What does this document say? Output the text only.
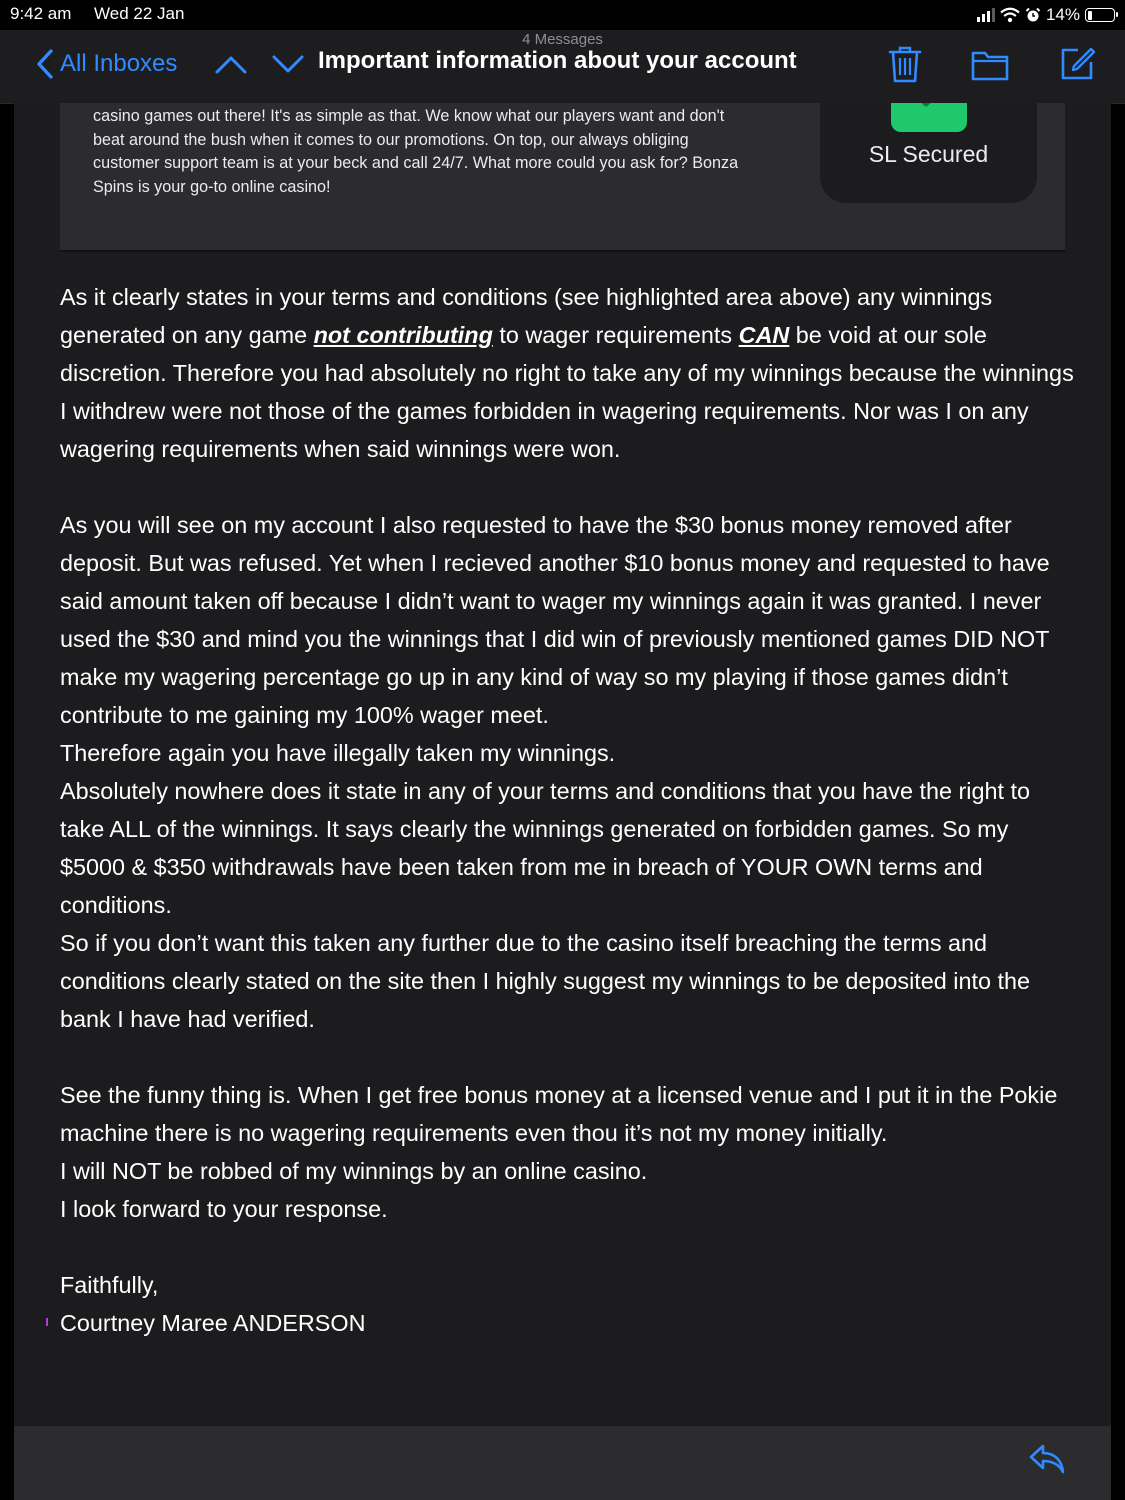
9:42 am Wed 22 Jan	14%
4 Messages
All Inboxes	Important information about your account
casino games out there! It's as simple as that. We know what our players want and don't
beat around the bush when it comes to our promotions. On top, our always obliging
customer support team is at your beck and call 24/7. What more could you ask for? Bonza
Spins is your go-to online casino!
SL Secured

As it clearly states in your terms and conditions (see highlighted area above) any winnings generated on any game not contributing to wager requirements CAN be void at our sole discretion. Therefore you had absolutely no right to take any of my winnings because the winnings I withdrew were not those of the games forbidden in wagering requirements. Nor was I on any wagering requirements when said winnings were won.

As you will see on my account I also requested to have the $30 bonus money removed after deposit. But was refused. Yet when I recieved another $10 bonus money and requested to have said amount taken off because I didn’t want to wager my winnings again it was granted. I never used the $30 and mind you the winnings that I did win of previously mentioned games DID NOT make my wagering percentage go up in any kind of way so my playing if those games didn’t contribute to me gaining my 100% wager meet.

Therefore again you have illegally taken my winnings.

Absolutely nowhere does it state in any of your terms and conditions that you have the right to take ALL of the winnings. It says clearly the winnings generated on forbidden games. So my $5000 & $350 withdrawals have been taken from me in breach of YOUR OWN terms and conditions.

So if you don’t want this taken any further due to the casino itself breaching the terms and conditions clearly stated on the site then I highly suggest my winnings to be deposited into the bank I have had verified.

See the funny thing is. When I get free bonus money at a licensed venue and I put it in the Pokie machine there is no wagering requirements even thou it’s not my money initially.

I will NOT be robbed of my winnings by an online casino.

I look forward to your response.

Faithfully,

Courtney Maree ANDERSON
